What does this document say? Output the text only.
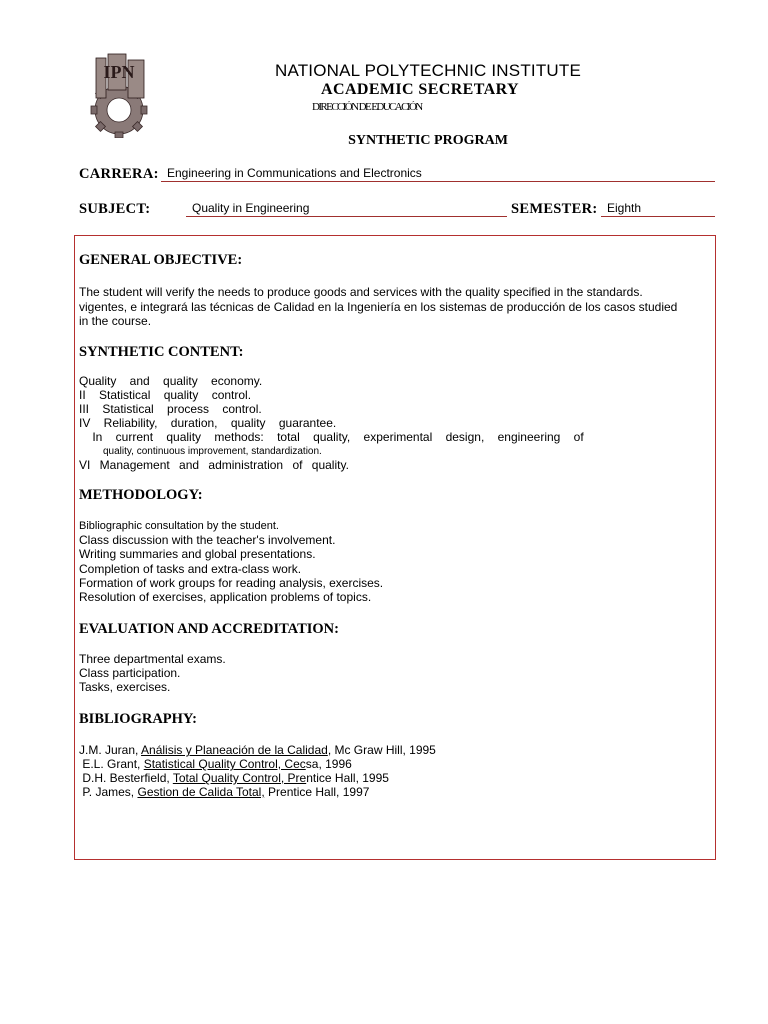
IPN	NATIONAL POLYTECHNIC INSTITUTE
ACADEMIC SECRETARY
DIRECCIÓN DE EDUCACIÓN
SYNTHETIC PROGRAM
CARRERA: Engineering in Communications and Electronics
SUBJECT:	Quality in Engineering	SEMESTER: Eighth
GENERAL OBJECTIVE:

The student will verify the needs to produce goods and services with the quality specified in the standards. vigentes, e integrará las técnicas de Calidad en la Ingeniería en los sistemas de producción de los casos studied in the course.

SYNTHETIC CONTENT:
Quality and quality economy.
II Statistical quality control.
III Statistical process control.
IV Reliability, duration, quality guarantee.
In current quality methods: total quality, experimental design, engineering of
quality, continuous improvement, standardization.
VI Management and administration of quality.
METHODOLOGY:
Bibliographic consultation by the student.
Class discussion with the teacher's involvement.
Writing summaries and global presentations.
Completion of tasks and extra-class work.
Formation of work groups for reading analysis, exercises.
Resolution of exercises, application problems of topics.
EVALUATION AND ACCREDITATION:
Three departmental exams.
Class participation.
Tasks, exercises.
BIBLIOGRAPHY:
J.M. Juran, Análisis y Planeación de la Calidad, Mc Graw Hill, 1995
E.L. Grant, Statistical Quality Control, Cecsa, 1996
D.H. Besterfield, Total Quality Control, Prentice Hall, 1995
P. James, Gestion de Calida Total, Prentice Hall, 1997
